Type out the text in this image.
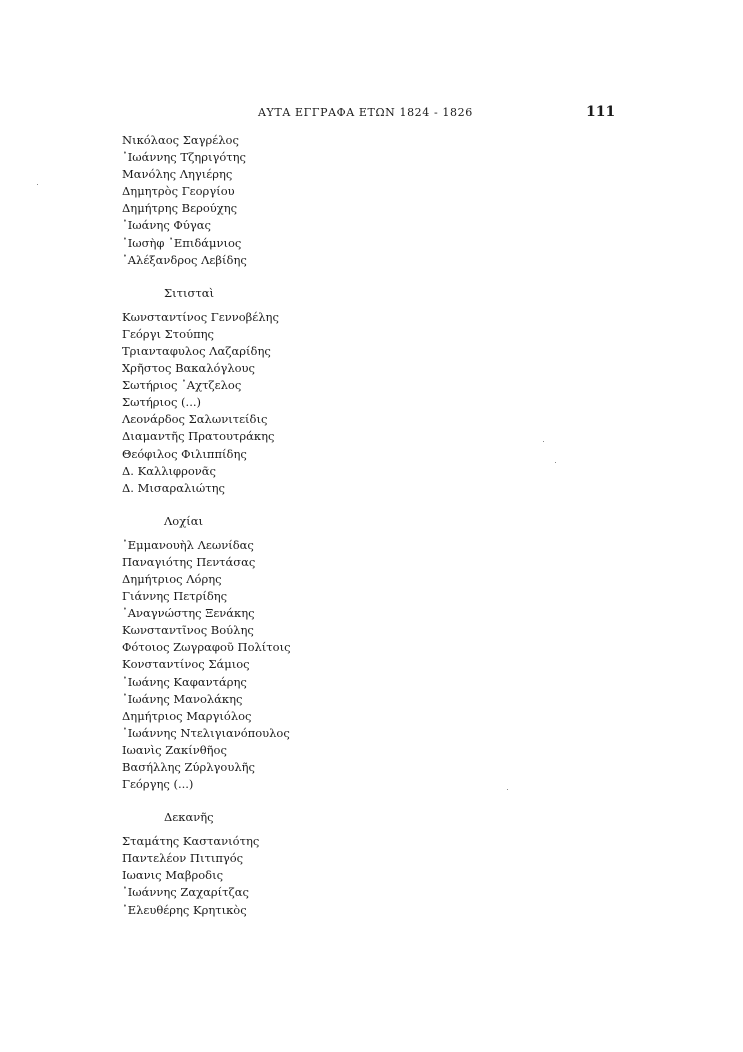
ΑΥΤΑ ΕΓΓΡΑΦΑ ΕΤΩΝ 1824 - 1826	111
Νικόλαος Σαγρέλος
᾿Ιωάννης Τζηριγότης
Μανόλης Ληγιέρης
Δημητρὸς Γεοργίου
Δημήτρης Βερούχης
᾿Ιωάνης Φύγας
᾿Ιωσὴφ ᾿Επιδάμνιος
᾿Αλέξανδρος Λεβίδης
Σιτισταὶ
Κωνσταντίνος Γεννοβέλης
Γεόργι Στούπης
Τριανταφυλος Λαζαρίδης
Χρῆστος Βακαλόγλους
Σωτήριος ᾿Αχτζελος
Σωτήριος (...)
Λεονάρδος Σαλωνιτείδις
Διαμαντῆς Πρατουτράκης
Θεόφιλος Φιλιππίδης
Δ. Καλλιφρονᾶς
Δ. Μισαραλιώτης
Λοχίαι
᾿Εμμανουὴλ Λεωνίδας
Παναγιότης Πεντάσας
Δημήτριος Λόρης
Γιάννης Πετρίδης
᾿Αναγνώστης Ξενάκης
Κωνσταντῖνος Βούλης
Φότοιος Ζωγραφοῦ Πολίτοις
Κονσταντίνος Σάμιος
᾿Ιωάνης Καφαντάρης
᾿Ιωάνης Μανολάκης
Δημήτριος Μαργιόλος
᾿Ιωάννης Ντελιγιανόπουλος
Ιωανὶς Ζακίνθῆος
Βασήλλης Ζύρλγουλῆς
Γεόργης (...)
Δεκανῆς
Σταμάτης Καστανιότης
Παντελέον Πιτιπγός
Ιωανις Μαβροδις
᾿Ιωάννης Ζαχαρίτζας
᾿Ελευθέρης Κρητικὸς
